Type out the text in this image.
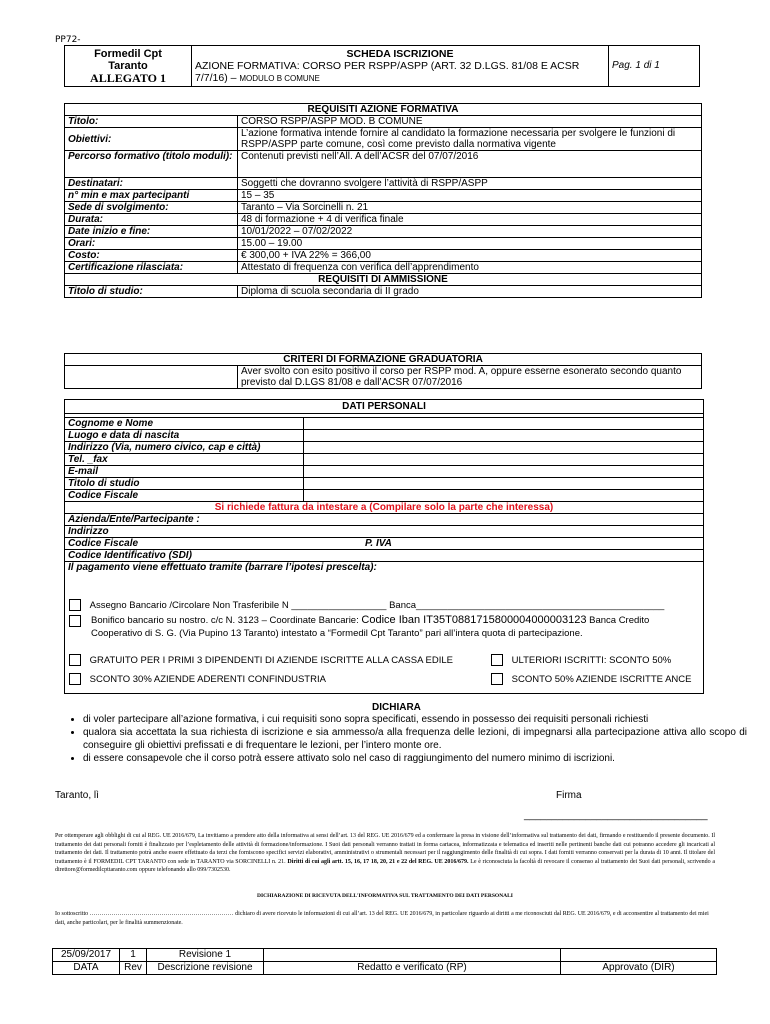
PP72-
Formedil Cpt
Taranto
ALLEGATO 1

SCHEDA ISCRIZIONE
AZIONE FORMATIVA: CORSO PER RSPP/ASPP (ART. 32 D.LGS. 81/08 E ACSR
7/7/16) – MODULO B COMUNE
	Pag. 1 di 1
REQUISITI AZIONE FORMATIVA	
Titolo:	CORSO RSPP/ASPP MOD. B COMUNE
Obiettivi:	L’azione formativa intende fornire al candidato la formazione necessaria per svolgere le funzioni di RSPP/ASPP parte comune, così come previsto dalla normativa vigente
Percorso formativo (titolo moduli):	Contenuti previsti nell’All. A dell’ACSR del 07/07/2016
Destinatari:	Soggetti che dovranno svolgere l’attività di RSPP/ASPP
n° min e max partecipanti	15 – 35
Sede di svolgimento:	Taranto – Via Sorcinelli n. 21
Durata:	48 di formazione + 4 di verifica finale
Date inizio e fine:	10/01/2022 – 07/02/2022
Orari:	15.00 – 19.00
Costo:	€ 300,00 + IVA 22% = 366,00
Certificazione rilasciata:	Attestato di frequenza con verifica dell’apprendimento
REQUISITI DI AMMISSIONE	
Titolo di studio:	Diploma di scuola secondaria di II grado
CRITERI DI FORMAZIONE GRADUATORIA
	Aver svolto con esito positivo il corso per RSPP mod. A, oppure esserne esonerato secondo quanto previsto dal D.LGS 81/08 e dall’ACSR 07/07/2016
DATI PERSONALI
Cognome e Nome	
Luogo e data di nascita	
Indirizzo (Via, numero civico, cap e città)	
Tel. _fax	
E-mail	
Titolo di studio	
Codice Fiscale	
Si richiede fattura da intestare a (Compilare solo la parte che interessa)	
Azienda/Ente/Partecipante :	
Indirizzo	
Codice Fiscale P. IVA	

Codice Identificativo (SDI)	
Il pagamento viene effettuato tramite (barrare l’ipotesi prescelta):	
Assegno Bancario /Circolare Non Trasferibile N __________________ Banca_______________________________________________
Bonifico bancario su nostro. c/c N. 3123 – Coordinate Bancarie: Codice Iban IT35T0881715800004000003123 Banca Credito Cooperativo di S. G. (Via Pupino 13 Taranto) intestato a “Formedil Cpt Taranto” pari all’intera quota di partecipazione.
GRATUITO PER I PRIMI 3 DIPENDENTI DI AZIENDE ISCRITTE ALLA CASSA EDILE	ULTERIORI ISCRITTI: SCONTO 50%
SCONTO 30% AZIENDE ADERENTI CONFINDUSTRIA	SCONTO 50% AZIENDE ISCRITTE ANCE
DICHIARA
• di voler partecipare all’azione formativa, i cui requisiti sono sopra specificati, essendo in possesso dei requisiti personali richiesti
• qualora sia accettata la sua richiesta di iscrizione e sia ammesso/a alla frequenza delle lezioni, di impegnarsi alla partecipazione attiva allo scopo di conseguire gli obiettivi prefissati e di frequentare le lezioni, per l’intero monte ore.
• di essere consapevole che il corso potrà essere attivato solo nel caso di raggiungimento del numero minimo di iscrizioni.
Taranto, lì	Firma
_________________________________
Per ottemperare agli obblighi di cui al REG. UE 2016/679, La invitiamo a prendere atto della informativa ai sensi dell’art. 13 del REG. UE 2016/679 ed a confermare la presa in visione dell’informativa sul trattamento dei dati, firmando e restituendo il presente documento. Il trattamento dei dati personali forniti è finalizzato per l’espletamento delle attività di formazione/informazione. I Suoi dati personali verranno trattati in forma cartacea, informatizzata e telematica ed inseriti nelle pertinenti banche dati cui potranno accedere gli incaricati al trattamento dei dati. Il trattamento potrà anche essere effettuato da terzi che forniscono specifici servizi elaborativi, amministrativi o strumentali necessari per il raggiungimento delle finalità di cui sopra. I dati forniti verranno conservati per la durata di 10 anni. Il titolare del trattamento è il FORMEDIL CPT TARANTO con sede in TARANTO via SORCINELLI n. 21. Diritti di cui agli artt. 15, 16, 17 18, 20, 21 e 22 del REG. UE 2016/679. Le è riconosciuta la facoltà di revocare il consenso al trattamento dei Suoi dati personali, scrivendo a direttore@formedilcpttaranto.com oppure telefonando allo 099/7302530.
DICHIARAZIONE DI RICEVUTA DELL'INFORMATIVA SUL TRATTAMENTO DEI DATI PERSONALI
Io sottoscritto ……………………………………………………………… dichiaro di avere ricevuto le informazioni di cui all’art. 13 del REG. UE 2016/679, in particolare riguardo ai diritti a me riconosciuti dal REG. UE 2016/679, e di acconsentire al trattamento dei miei dati, anche particolari, per le finalità summenzionate.
25/09/2017	1	Revisione 1		
DATA	Rev	Descrizione revisione	Redatto e verificato (RP)	Approvato (DIR)
